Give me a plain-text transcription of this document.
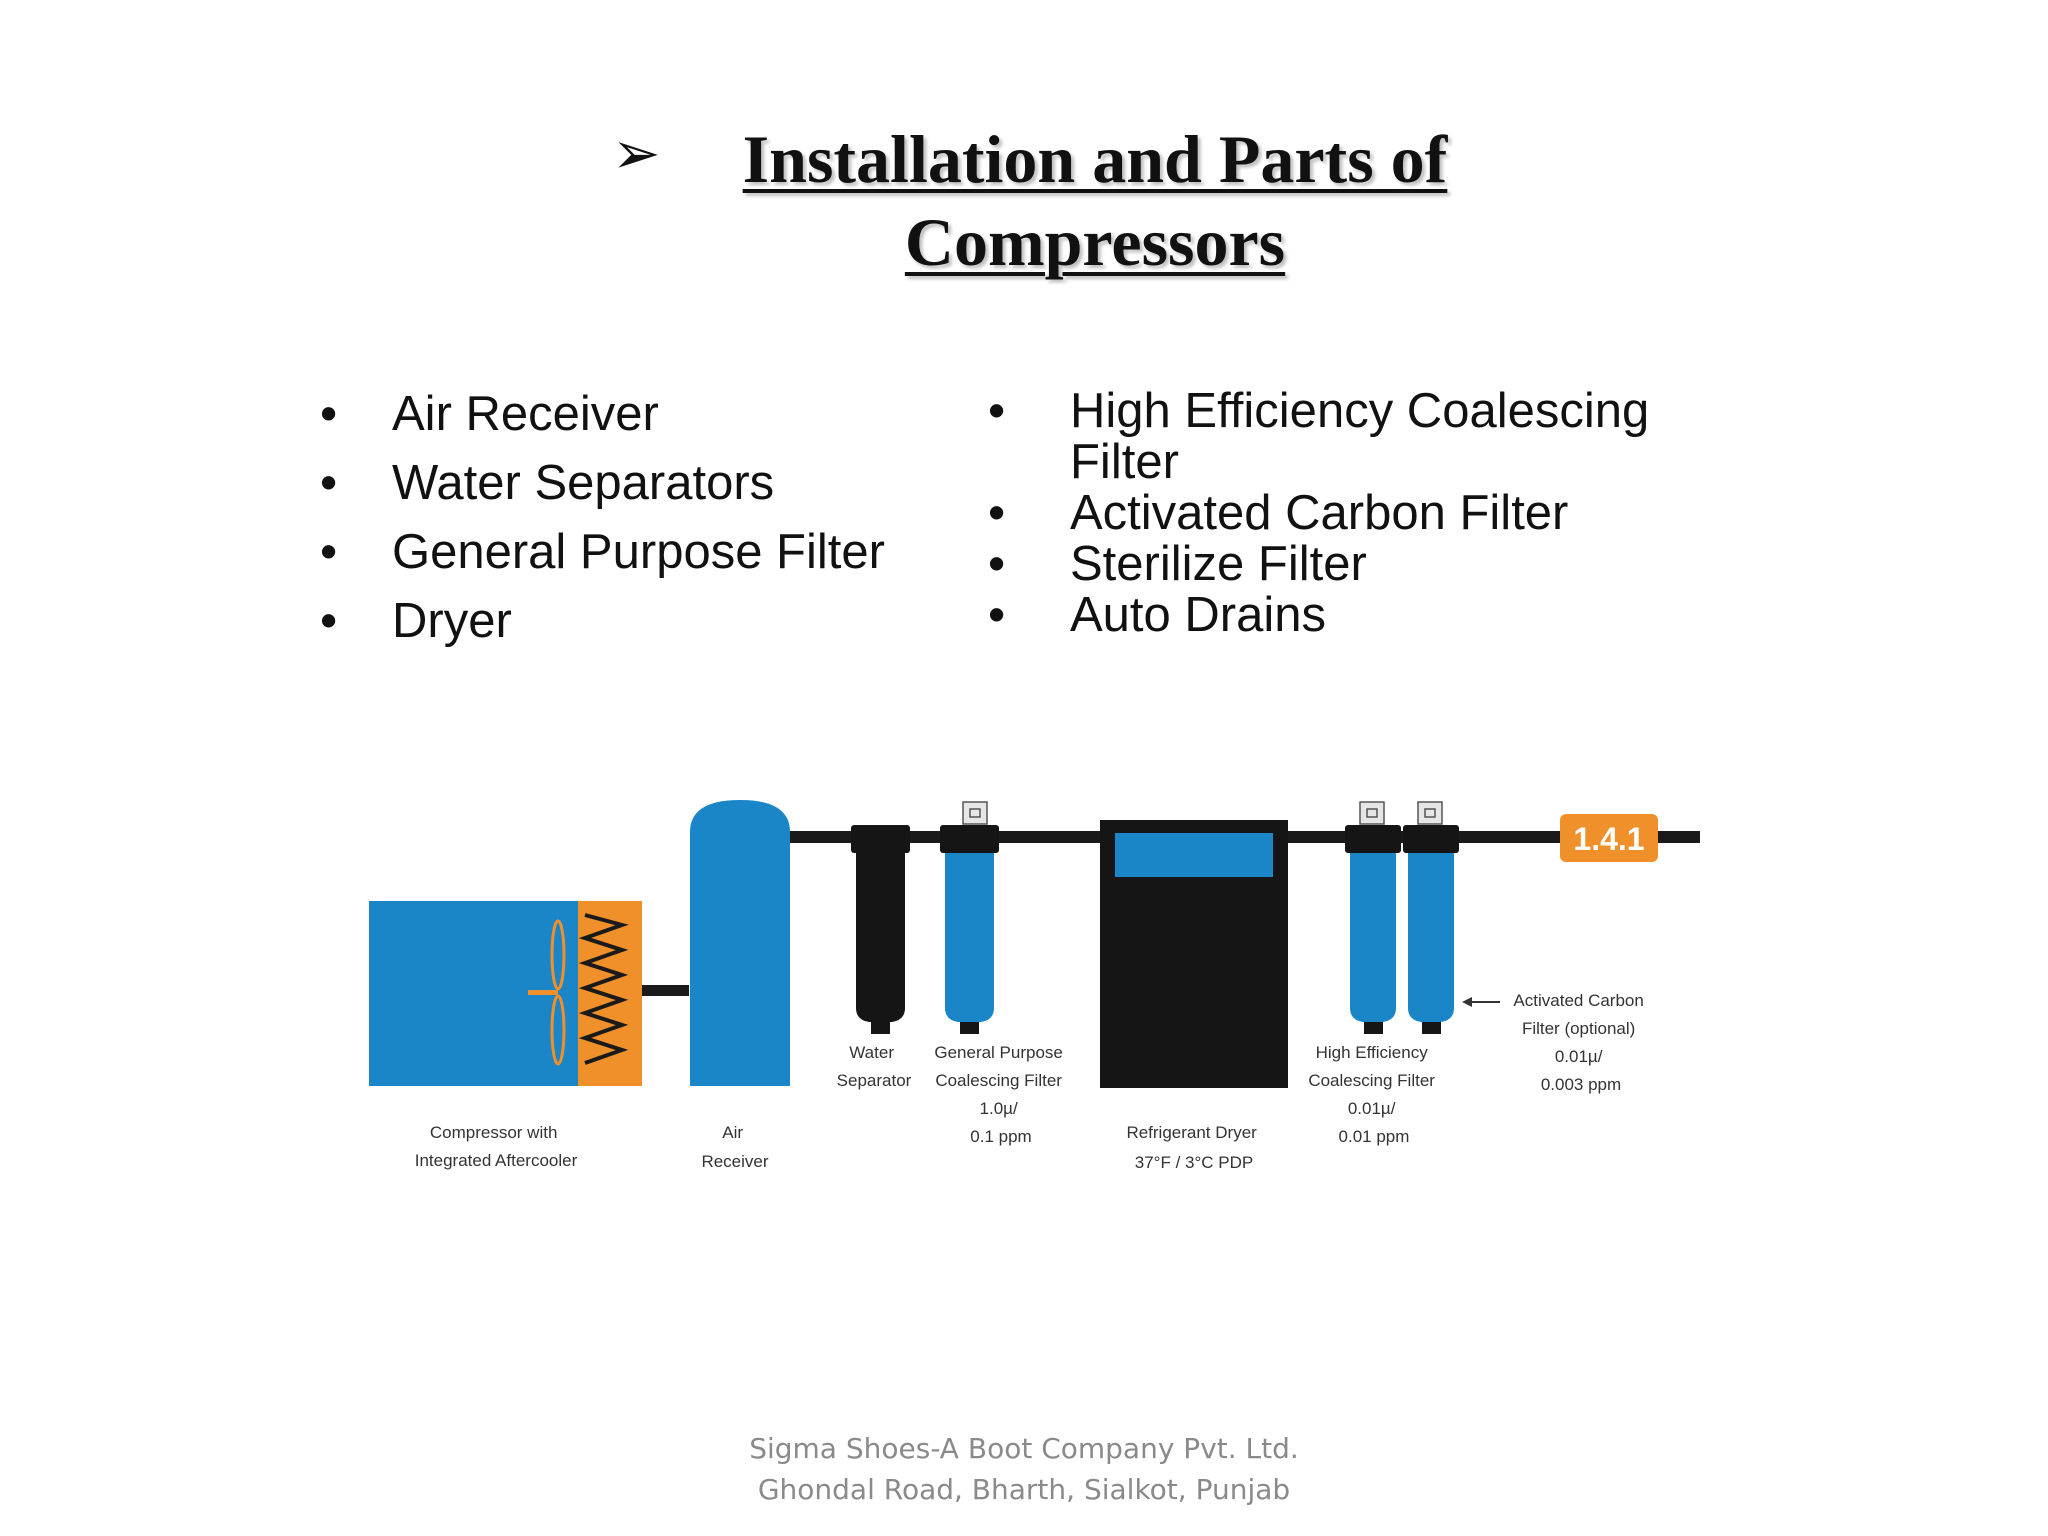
➢	Installation and Parts of
Compressors
• Air Receiver
• Water Separators
• General Purpose Filter
• Dryer
• High Efficiency Coalescing Filter
• Activated Carbon Filter
• Sterilize Filter
• Auto Drains
1.4.1
Compressor with Integrated Aftercooler
Air Receiver
Water Separator
General Purpose Coalescing Filter 1.0µ/ 0.1 ppm	Refrigerant Dryer 37°F / 3°C PDP
High Efficiency Coalescing Filter 0.01µ/ 0.01 ppm
Activated Carbon Filter (optional) 0.01µ/ 0.003 ppm
Sigma Shoes-A Boot Company Pvt. Ltd.
Ghondal Road, Bharth, Sialkot, Punjab
